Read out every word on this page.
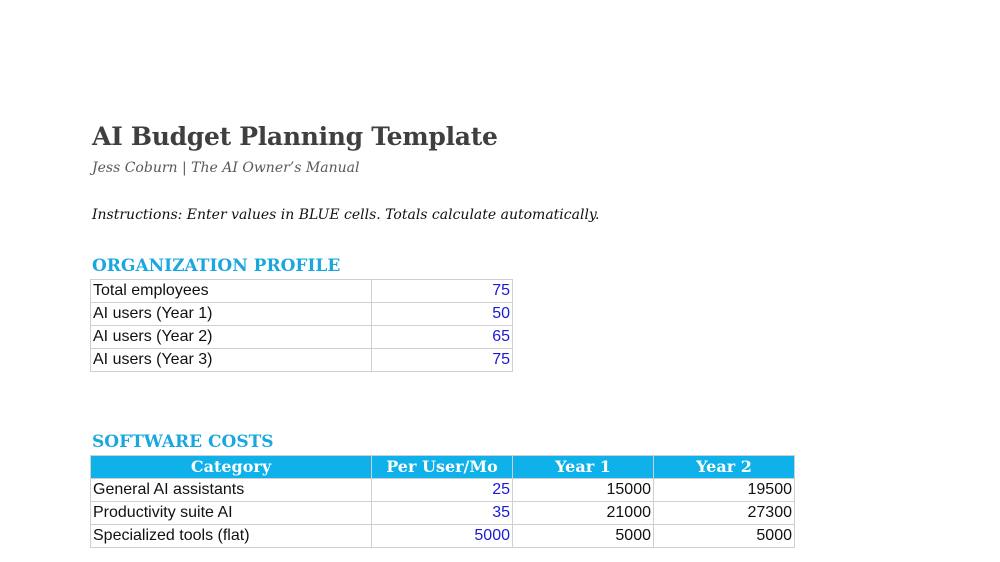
AI Budget Planning Template
Jess Coburn | The AI Owner’s Manual
Instructions: Enter values in BLUE cells. Totals calculate automatically.
ORGANIZATION PROFILE
Total employees	75
AI users (Year 1)	50
AI users (Year 2)	65
AI users (Year 3)	75
SOFTWARE COSTS
Category	Per User/Mo	Year 1	Year 2
General AI assistants	25	15000	19500
Productivity suite AI	35	21000	27300
Specialized tools (flat)	5000	5000	5000
